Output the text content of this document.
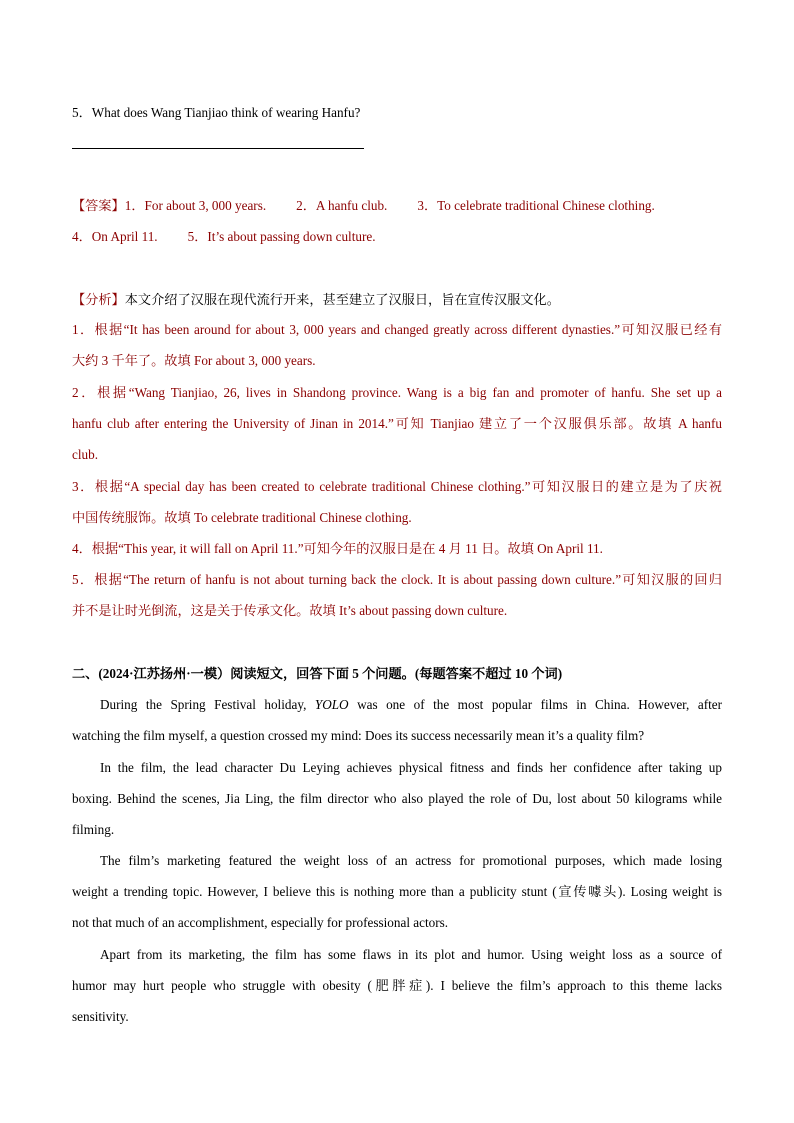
5．What does Wang Tianjiao think of wearing Hanfu?
【答案】1．For about 3, 000 years. 2．A hanfu club. 3．To celebrate traditional Chinese clothing.
4．On April 11. 5．It’s about passing down culture.
【分析】本文介绍了汉服在现代流行开来，甚至建立了汉服日，旨在宣传汉服文化。
1．根据“It has been around for about 3, 000 years and changed greatly across different dynasties.”可知汉服已经有
大约 3 千年了。故填 For about 3, 000 years.
2．根据“Wang Tianjiao, 26, lives in Shandong province. Wang is a big fan and promoter of hanfu. She set up a
hanfu club after entering the University of Jinan in 2014.”可知 Tianjiao 建立了一个汉服俱乐部。故填 A hanfu
club.
3．根据“A special day has been created to celebrate traditional Chinese clothing.”可知汉服日的建立是为了庆祝
中国传统服饰。故填 To celebrate traditional Chinese clothing.
4．根据“This year, it will fall on April 11.”可知今年的汉服日是在 4 月 11 日。故填 On April 11.
5．根据“The return of hanfu is not about turning back the clock. It is about passing down culture.”可知汉服的回归
并不是让时光倒流，这是关于传承文化。故填 It’s about passing down culture.
二、(2024·江苏扬州·一模）阅读短文，回答下面 5 个问题。(每题答案不超过 10 个词)
During the Spring Festival holiday, YOLO was one of the most popular films in China. However, after
watching the film myself, a question crossed my mind: Does its success necessarily mean it’s a quality film?
In the film, the lead character Du Leying achieves physical fitness and finds her confidence after taking up
boxing. Behind the scenes, Jia Ling, the film director who also played the role of Du, lost about 50 kilograms while
filming.
The film’s marketing featured the weight loss of an actress for promotional purposes, which made losing
weight a trending topic. However, I believe this is nothing more than a publicity stunt (宣传噱头). Losing weight is
not that much of an accomplishment, especially for professional actors.
Apart from its marketing, the film has some flaws in its plot and humor. Using weight loss as a source of
humor may hurt people who struggle with obesity (肥胖症). I believe the film’s approach to this theme lacks
sensitivity.
